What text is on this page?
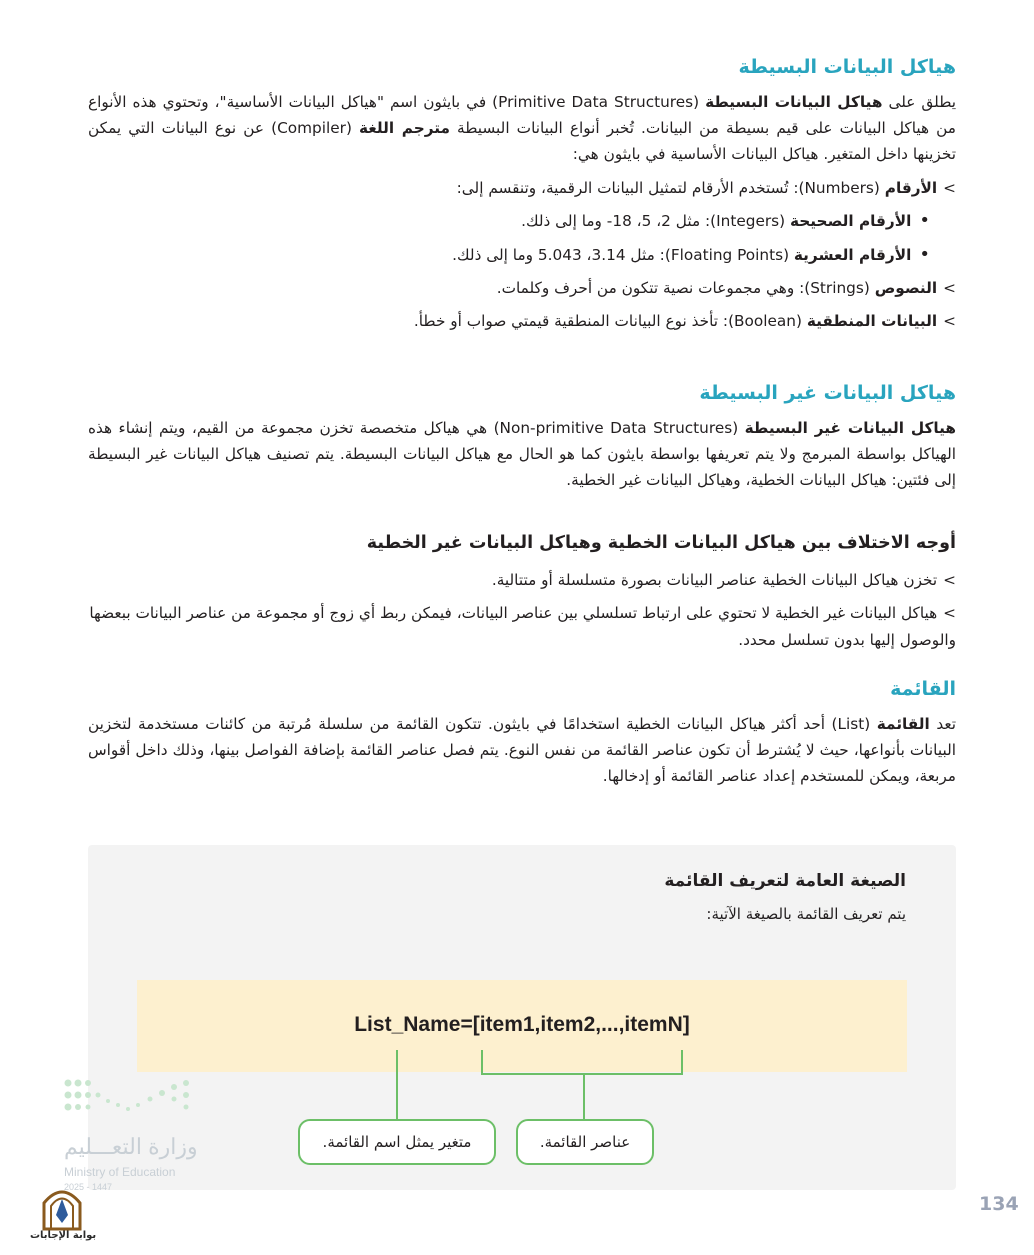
هياكل البيانات البسيطة

يطلق على هياكل البيانات البسيطة (Primitive Data Structures) في بايثون اسم "هياكل البيانات الأساسية"، وتحتوي هذه الأنواع من هياكل البيانات على قيم بسيطة من البيانات. تُخبر أنواع البيانات البسيطة مترجم اللغة (Compiler) عن نوع البيانات التي يمكن تخزينها داخل المتغير. هياكل البيانات الأساسية في بايثون هي:

>الأرقام (Numbers): تُستخدم الأرقام لتمثيل البيانات الرقمية، وتنقسم إلى:
•الأرقام الصحيحة (Integers): مثل 2، 5، 18- وما إلى ذلك.
•الأرقام العشرية (Floating Points): مثل 3.14، 5.043 وما إلى ذلك.
>النصوص (Strings): وهي مجموعات نصية تتكون من أحرف وكلمات.
>البيانات المنطقية (Boolean): تأخذ نوع البيانات المنطقية قيمتي صواب أو خطأ.
هياكل البيانات غير البسيطة

هياكل البيانات غير البسيطة (Non-primitive Data Structures) هي هياكل متخصصة تخزن مجموعة من القيم، ويتم إنشاء هذه الهياكل بواسطة المبرمج ولا يتم تعريفها بواسطة بايثون كما هو الحال مع هياكل البيانات البسيطة. يتم تصنيف هياكل البيانات غير البسيطة إلى فئتين: هياكل البيانات الخطية، وهياكل البيانات غير الخطية.

أوجه الاختلاف بين هياكل البيانات الخطية وهياكل البيانات غير الخطية
>تخزن هياكل البيانات الخطية عناصر البيانات بصورة متسلسلة أو متتالية.
>هياكل البيانات غير الخطية لا تحتوي على ارتباط تسلسلي بين عناصر البيانات، فيمكن ربط أي زوج أو مجموعة من عناصر البيانات ببعضها والوصول إليها بدون تسلسل محدد.
القائمة

تعد القائمة (List) أحد أكثر هياكل البيانات الخطية استخدامًا في بايثون. تتكون القائمة من سلسلة مُرتبة من كائنات مستخدمة لتخزين البيانات بأنواعها، حيث لا يُشترط أن تكون عناصر القائمة من نفس النوع. يتم فصل عناصر القائمة بإضافة الفواصل بينها، وذلك داخل أقواس مربعة، ويمكن للمستخدم إعداد عناصر القائمة أو إدخالها.

الصيغة العامة لتعريف القائمة
يتم تعريف القائمة بالصيغة الآتية:
List_Name=[item1,item2,...,itemN]
متغير يمثل اسم القائمة.	عناصر القائمة.
وزارة التعـــليم
Ministry of Education
2025 - 1447
بوابة الإجابات
134
